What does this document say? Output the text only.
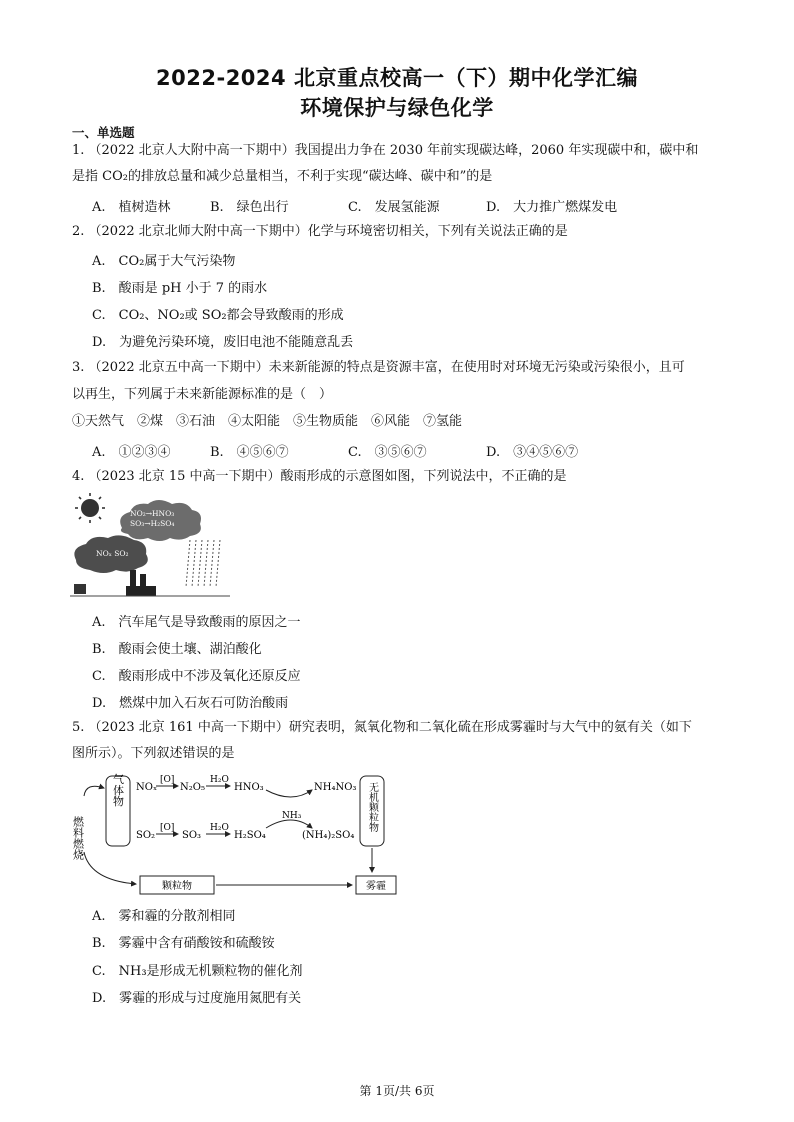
2022-2024 北京重点校高一（下）期中化学汇编
环境保护与绿色化学
一、单选题
1. （2022 北京人大附中高一下期中）我国提出力争在 2030 年前实现碳达峰，2060 年实现碳中和，碳中和
是指 CO₂的排放总量和减少总量相当，不利于实现“碳达峰、碳中和”的是
A.　植树造林	B.　绿色出行	C.　发展氢能源	D.　大力推广燃煤发电
2. （2022 北京北师大附中高一下期中）化学与环境密切相关，下列有关说法正确的是
A.　CO₂属于大气污染物
B.　酸雨是 pH 小于 7 的雨水
C.　CO₂、NO₂或 SO₂都会导致酸雨的形成
D.　为避免污染环境，废旧电池不能随意乱丢
3. （2022 北京五中高一下期中）未来新能源的特点是资源丰富，在使用时对环境无污染或污染很小，且可
以再生，下列属于未来新能源标准的是（　）
①天然气　②煤　③石油　④太阳能　⑤生物质能　⑥风能　⑦氢能
A.　①②③④	B.　④⑤⑥⑦	C.　③⑤⑥⑦	D.　③④⑤⑥⑦
4. （2023 北京 15 中高一下期中）酸雨形成的示意图如图，下列说法中，不正确的是
NO₂→HNO₃
SO₃→H₂SO₄
NOₓ SO₂
A.　汽车尾气是导致酸雨的原因之一
B.　酸雨会使土壤、湖泊酸化
C.　酸雨形成中不涉及氧化还原反应
D.　燃煤中加入石灰石可防治酸雨
5. （2023 北京 161 中高一下期中）研究表明，氮氧化物和二氧化硫在形成雾霾时与大气中的氨有关（如下
图所示）。下列叙述错误的是
燃料燃烧
气体物 NOₓ
[O]
N₂O₅
H₂O
HNO₃	NH₄NO₃
NH₃
SO₂
[O]
SO₃
H₂O
H₂SO₄	(NH₄)₂SO₄
无机颗粒物
颗粒物	雾霾
A.　雾和霾的分散剂相同
B.　雾霾中含有硝酸铵和硫酸铵
C.　NH₃是形成无机颗粒物的催化剂
D.　雾霾的形成与过度施用氮肥有关
第 1页/共 6页
